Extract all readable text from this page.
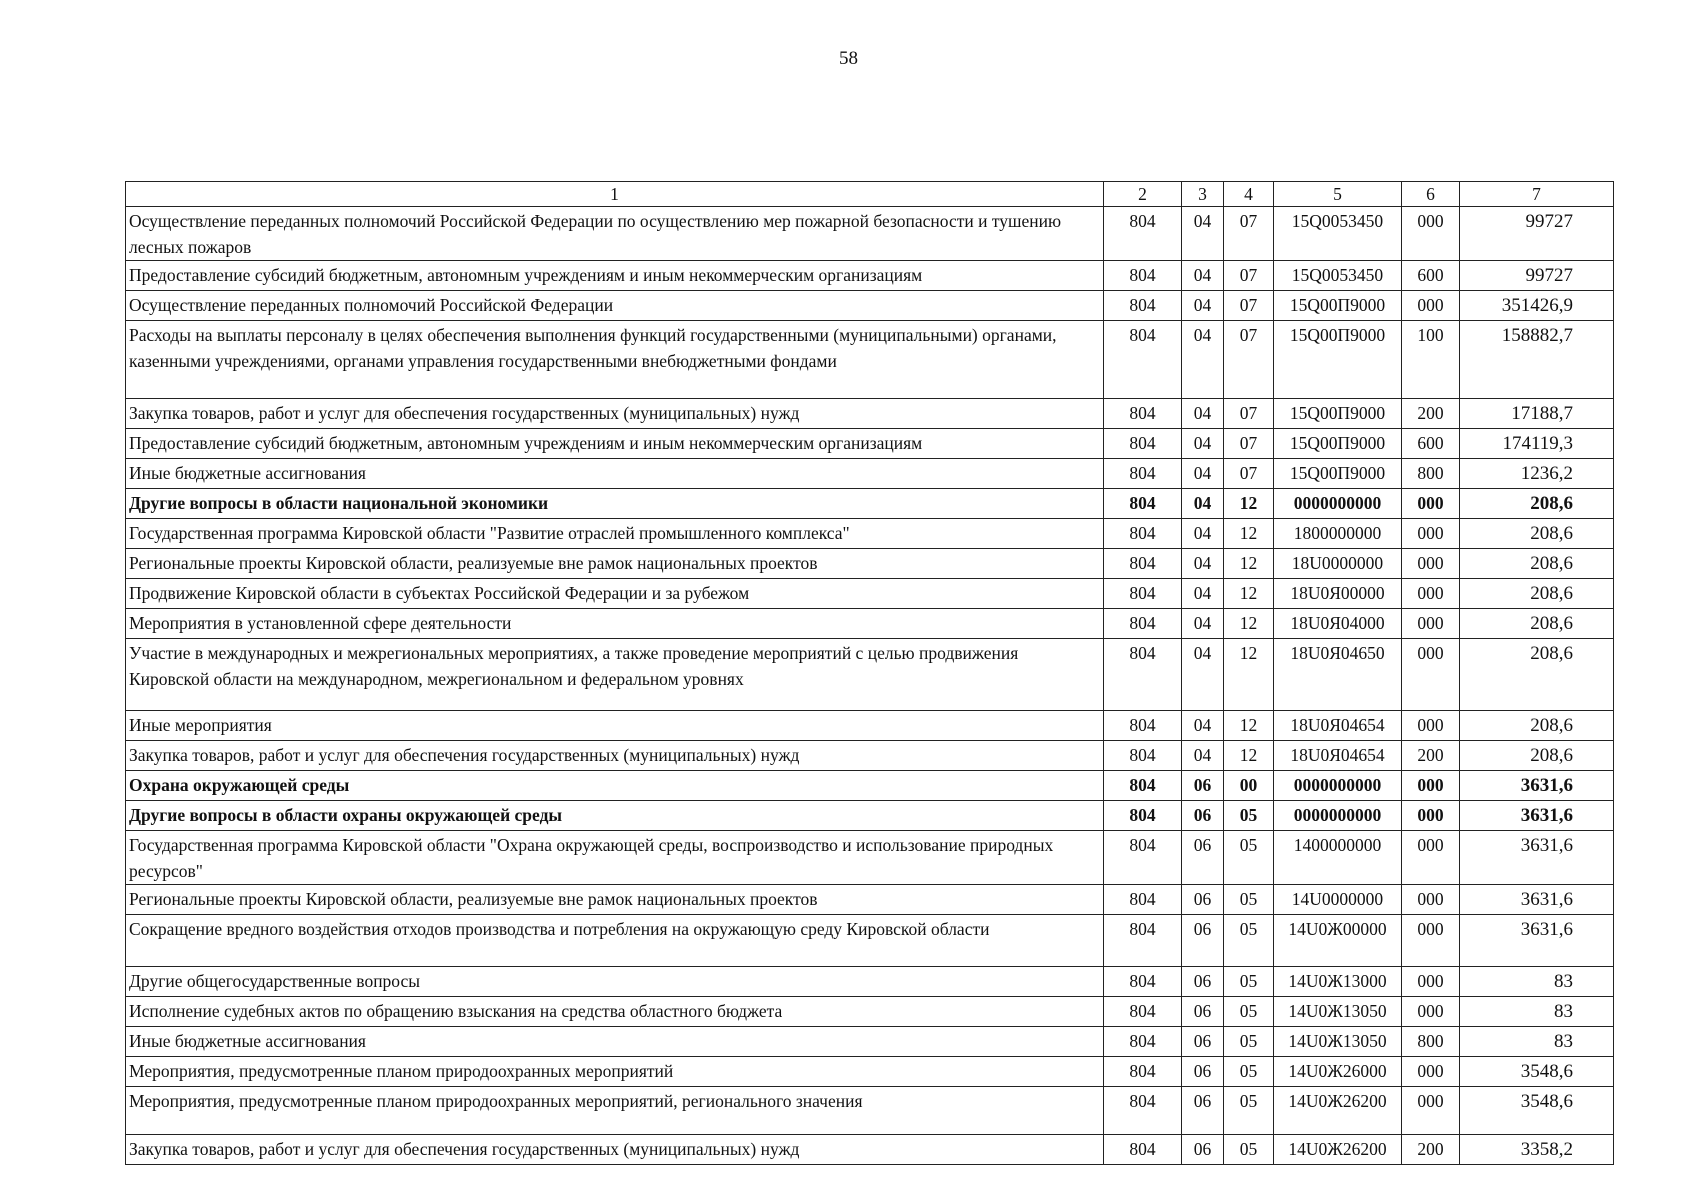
58
1	2	3	4	5	6	7
Осуществление переданных полномочий Российской Федерации по осуществлению мер пожарной безопасности и тушению лесных пожаров	804	04	07	15Q0053450	000	99727
Предоставление субсидий бюджетным, автономным учреждениям и иным некоммерческим организациям	804	04	07	15Q0053450	600	99727
Осуществление переданных полномочий Российской Федерации	804	04	07	15Q00П9000	000	351426,9
Расходы на выплаты персоналу в целях обеспечения выполнения функций государственными (муниципальными) органами, казенными учреждениями, органами управления государственными внебюджетными фондами	804	04	07	15Q00П9000	100	158882,7
Закупка товаров, работ и услуг для обеспечения государственных (муниципальных) нужд	804	04	07	15Q00П9000	200	17188,7
Предоставление субсидий бюджетным, автономным учреждениям и иным некоммерческим организациям	804	04	07	15Q00П9000	600	174119,3
Иные бюджетные ассигнования	804	04	07	15Q00П9000	800	1236,2
Другие вопросы в области национальной экономики	804	04	12	0000000000	000	208,6
Государственная программа Кировской области "Развитие отраслей промышленного комплекса"	804	04	12	1800000000	000	208,6
Региональные проекты Кировской области, реализуемые вне рамок национальных проектов	804	04	12	18U0000000	000	208,6
Продвижение Кировской области в субъектах Российской Федерации и за рубежом	804	04	12	18U0Я00000	000	208,6
Мероприятия в установленной сфере деятельности	804	04	12	18U0Я04000	000	208,6
Участие в международных и межрегиональных мероприятиях, а также проведение мероприятий с целью продвижения Кировской области на международном, межрегиональном и федеральном уровнях	804	04	12	18U0Я04650	000	208,6
Иные мероприятия	804	04	12	18U0Я04654	000	208,6
Закупка товаров, работ и услуг для обеспечения государственных (муниципальных) нужд	804	04	12	18U0Я04654	200	208,6
Охрана окружающей среды	804	06	00	0000000000	000	3631,6
Другие вопросы в области охраны окружающей среды	804	06	05	0000000000	000	3631,6
Государственная программа Кировской области "Охрана окружающей среды, воспроизводство и использование природных ресурсов"	804	06	05	1400000000	000	3631,6
Региональные проекты Кировской области, реализуемые вне рамок национальных проектов	804	06	05	14U0000000	000	3631,6
Сокращение вредного воздействия отходов производства и потребления на окружающую среду Кировской области	804	06	05	14U0Ж00000	000	3631,6
Другие общегосударственные вопросы	804	06	05	14U0Ж13000	000	83
Исполнение судебных актов по обращению взыскания на средства областного бюджета	804	06	05	14U0Ж13050	000	83
Иные бюджетные ассигнования	804	06	05	14U0Ж13050	800	83
Мероприятия, предусмотренные планом природоохранных мероприятий	804	06	05	14U0Ж26000	000	3548,6
Мероприятия, предусмотренные планом природоохранных мероприятий, регионального значения	804	06	05	14U0Ж26200	000	3548,6
Закупка товаров, работ и услуг для обеспечения государственных (муниципальных) нужд	804	06	05	14U0Ж26200	200	3358,2
